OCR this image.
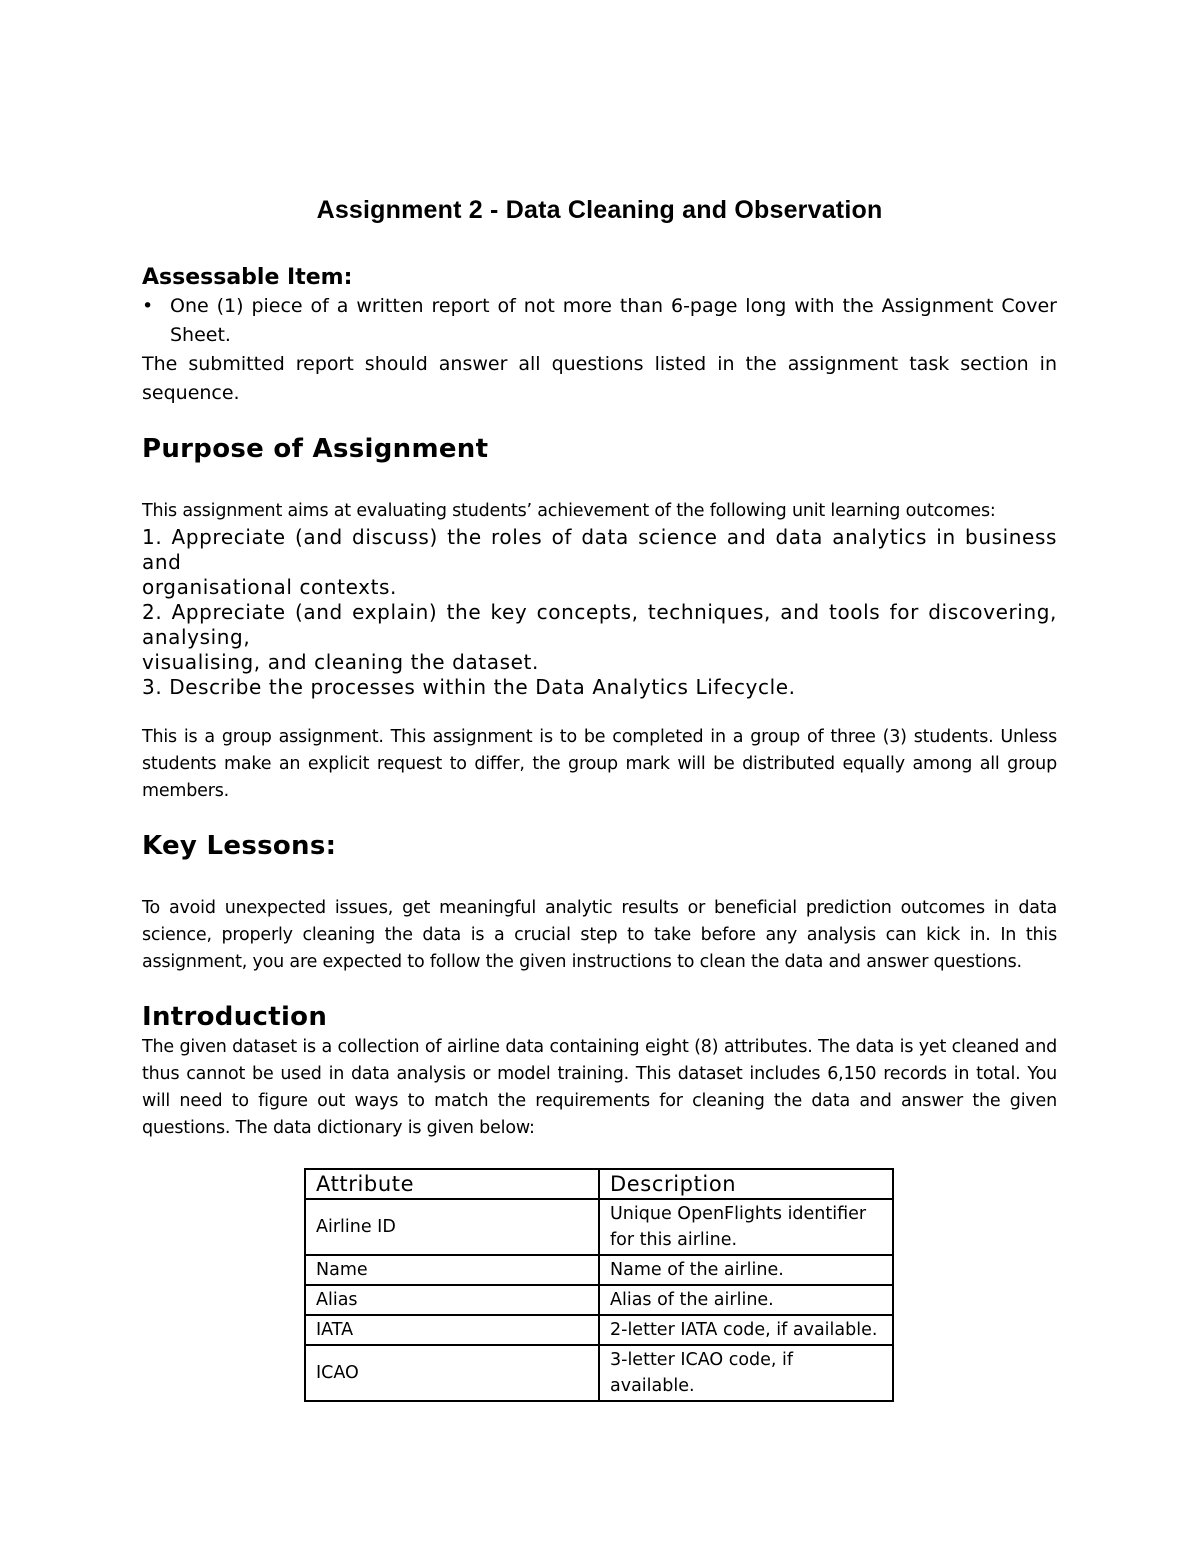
Assignment 2 - Data Cleaning and Observation
Assessable Item:
• One (1) piece of a written report of not more than 6-page long with the Assignment Cover Sheet.

The submitted report should answer all questions listed in the assignment task section in sequence.

Purpose of Assignment

This assignment aims at evaluating students’ achievement of the following unit learning outcomes:

1. Appreciate (and discuss) the roles of data science and data analytics in business and

organisational contexts.

2. Appreciate (and explain) the key concepts, techniques, and tools for discovering, analysing,

visualising, and cleaning the dataset.

3. Describe the processes within the Data Analytics Lifecycle.

This is a group assignment. This assignment is to be completed in a group of three (3) students. Unless students make an explicit request to differ, the group mark will be distributed equally among all group members.

Key Lessons:

To avoid unexpected issues, get meaningful analytic results or beneficial prediction outcomes in data science, properly cleaning the data is a crucial step to take before any analysis can kick in. In this assignment, you are expected to follow the given instructions to clean the data and answer questions.

Introduction

The given dataset is a collection of airline data containing eight (8) attributes. The data is yet cleaned and thus cannot be used in data analysis or model training. This dataset includes 6,150 records in total. You will need to figure out ways to match the requirements for cleaning the data and answer the given questions. The data dictionary is given below:

Attribute	Description
Airline ID	Unique OpenFlights identifier for this airline.
Name	Name of the airline.
Alias	Alias of the airline.
IATA	2-letter IATA code, if available.
ICAO	3-letter ICAO code, if available.
